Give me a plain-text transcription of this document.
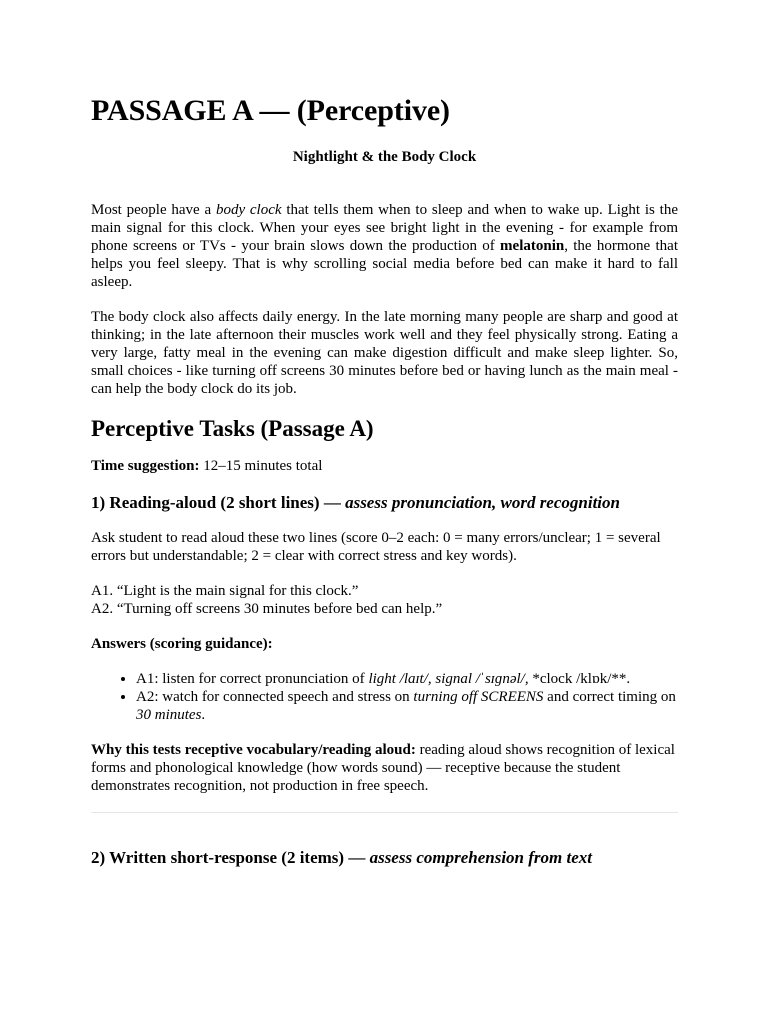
PASSAGE A — (Perceptive)
Nightlight & the Body Clock

Most people have a body clock that tells them when to sleep and when to wake up. Light is the main signal for this clock. When your eyes see bright light in the evening - for example from phone screens or TVs - your brain slows down the production of melatonin, the hormone that helps you feel sleepy. That is why scrolling social media before bed can make it hard to fall asleep.

The body clock also affects daily energy. In the late morning many people are sharp and good at thinking; in the late afternoon their muscles work well and they feel physically strong. Eating a very large, fatty meal in the evening can make digestion difficult and make sleep lighter. So, small choices - like turning off screens 30 minutes before bed or having lunch as the main meal - can help the body clock do its job.

Perceptive Tasks (Passage A)

Time suggestion: 12–15 minutes total

1) Reading-aloud (2 short lines) — assess pronunciation, word recognition

Ask student to read aloud these two lines (score 0–2 each: 0 = many errors/unclear; 1 = several errors but understandable; 2 = clear with correct stress and key words).

A1. “Light is the main signal for this clock.”

A2. “Turning off screens 30 minutes before bed can help.”

Answers (scoring guidance):

• A1: listen for correct pronunciation of light /laɪt/, signal /ˈsɪɡnəl/, *clock /klɒk/**.
• A2: watch for connected speech and stress on turning off SCREENS and correct timing on 30 minutes.

Why this tests receptive vocabulary/reading aloud: reading aloud shows recognition of lexical forms and phonological knowledge (how words sound) — receptive because the student demonstrates recognition, not production in free speech.

2) Written short-response (2 items) — assess comprehension from text
